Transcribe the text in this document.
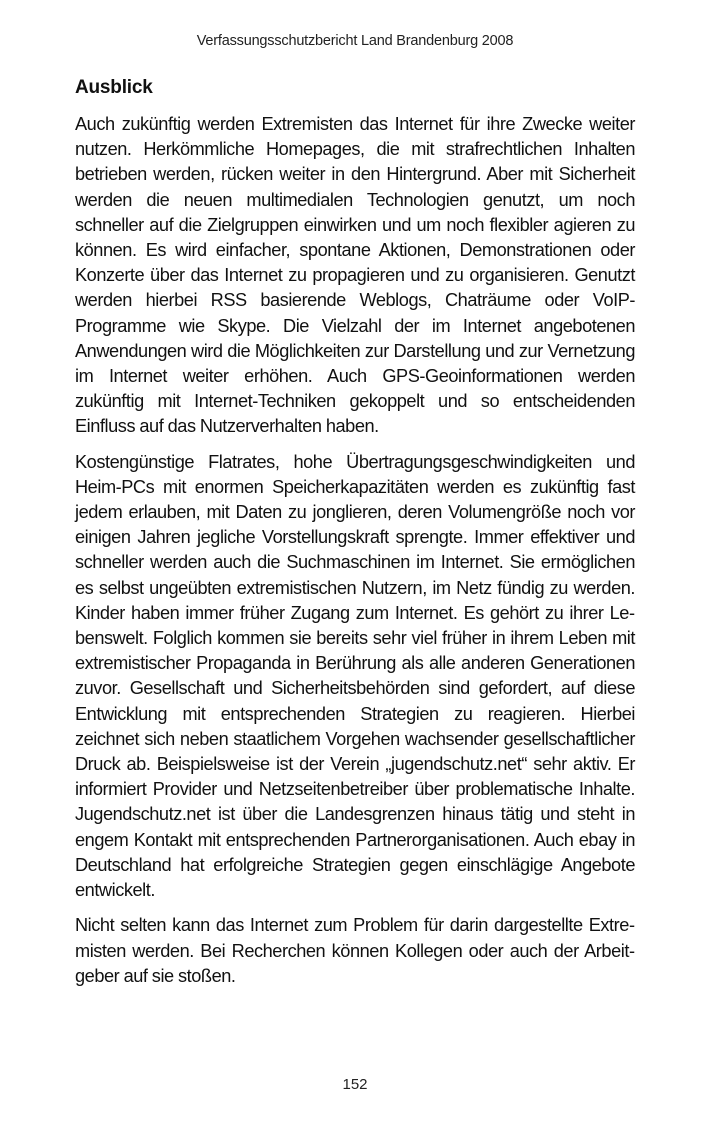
Verfassungsschutzbericht Land Brandenburg 2008
Ausblick

Auch zukünftig werden Extremisten das Internet für ihre Zwecke weiter nutzen. Herkömmliche Homepages, die mit strafrechtlichen Inhalten betrieben werden, rücken weiter in den Hintergrund. Aber mit Sicherheit werden die neuen multimedialen Technologien genutzt, um noch schneller auf die Zielgruppen einwirken und um noch flexibler agieren zu können. Es wird einfacher, spontane Aktionen, Demonstrationen oder Konzerte über das Internet zu propagieren und zu organisieren. Genutzt werden hierbei RSS basierende Weblogs, Chaträume oder VoIP-Programme wie Skype. Die Vielzahl der im Internet angebotenen Anwendungen wird die Möglichkeiten zur Darstellung und zur Vernetzung im Internet weiter erhöhen. Auch GPS-Geoinformationen werden zukünftig mit Internet-Techniken gekoppelt und so entscheidenden Einfluss auf das Nutzerverhalten haben.

Kostengünstige Flatrates, hohe Übertragungsgeschwindigkeiten und Heim-PCs mit enormen Speicherkapazitäten werden es zukünftig fast jedem erlauben, mit Daten zu jonglieren, deren Volumengröße noch vor einigen Jahren jegliche Vorstellungskraft sprengte. Immer effektiver und schneller werden auch die Suchmaschinen im Internet. Sie ermöglichen es selbst ungeübten extremistischen Nutzern, im Netz fündig zu werden. Kinder haben immer früher Zugang zum Internet. Es gehört zu ihrer Lebenswelt. Folglich kommen sie bereits sehr viel früher in ihrem Leben mit extremistischer Propaganda in Berührung als alle anderen Generationen zuvor. Gesellschaft und Sicherheitsbehörden sind gefordert, auf diese Entwicklung mit entsprechenden Strategien zu reagieren. Hierbei zeichnet sich neben staatlichem Vorgehen wachsender gesellschaftlicher Druck ab. Beispielsweise ist der Verein „jugendschutz.net“ sehr aktiv. Er informiert Provider und Netzseitenbetreiber über problematische Inhalte. Jugendschutz.​net ist über die Landesgrenzen hinaus tätig und steht in engem Kontakt mit entsprechenden Partnerorganisationen. Auch ebay in Deutschland hat erfolgreiche Strategien gegen einschlägige Angebote entwickelt.

Nicht selten kann das Internet zum Problem für darin dargestellte Extremisten werden. Bei Recherchen können Kollegen oder auch der Arbeitgeber auf sie stoßen.

152
